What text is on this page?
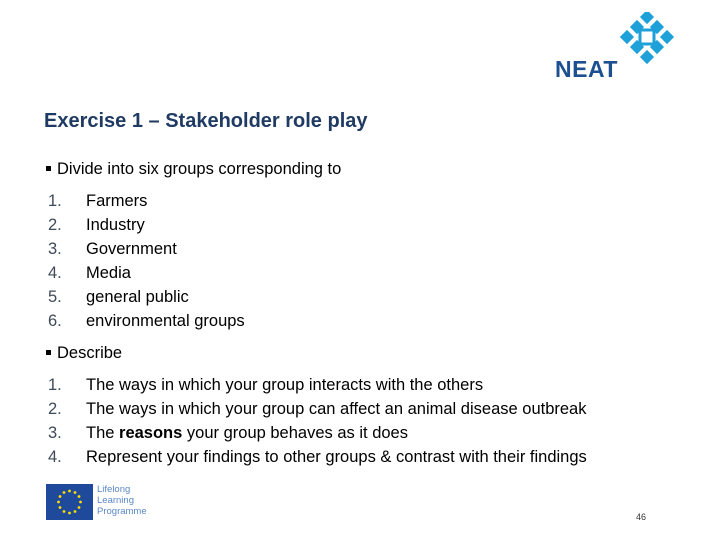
NEAT
Exercise 1 – Stakeholder role play
Divide into six groups corresponding to
1. Farmers
2. Industry
3. Government
4. Media
5. general public
6. environmental groups
Describe
1. The ways in which your group interacts with the others
2. The ways in which your group can affect an animal disease outbreak
3. The reasons your group behaves as it does
4. Represent your findings to other groups & contrast with their findings
Lifelong
Learning
Programme	46
